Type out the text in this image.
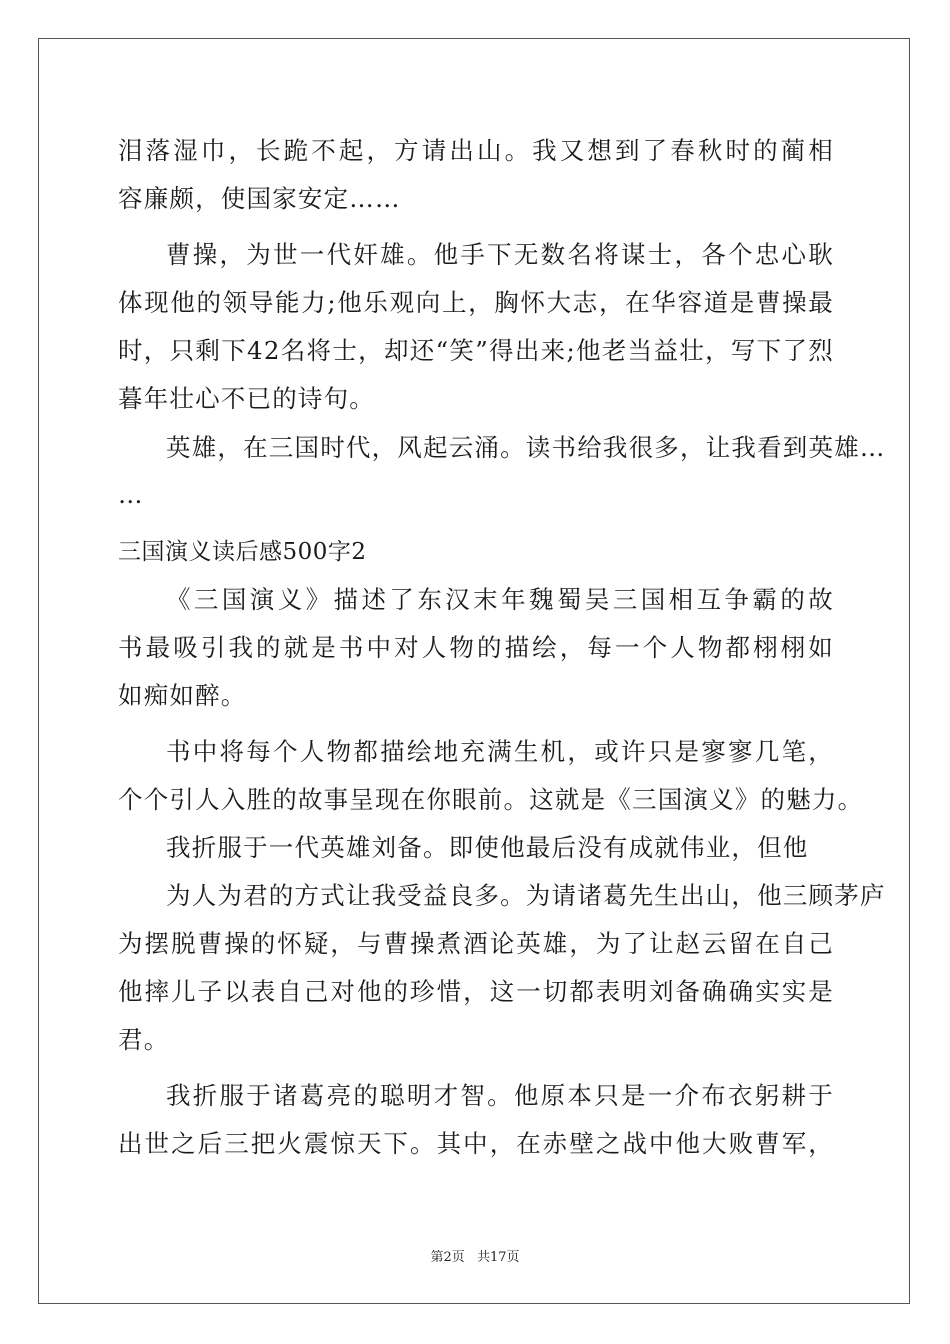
泪落湿巾，长跪不起，方请出山。我又想到了春秋时的蔺相
容廉颇，使国家安定……
曹操，为世一代奸雄。他手下无数名将谋士，各个忠心耿
体现他的领导能力;他乐观向上，胸怀大志，在华容道是曹操最
时，只剩下42名将士，却还“笑”得出来;他老当益壮，写下了烈
暮年壮心不已的诗句。
英雄，在三国时代，风起云涌。读书给我很多，让我看到英雄…
…
三国演义读后感500字2
《三国演义》描述了东汉末年魏蜀吴三国相互争霸的故
书最吸引我的就是书中对人物的描绘，每一个人物都栩栩如
如痴如醉。
书中将每个人物都描绘地充满生机，或许只是寥寥几笔，
个个引人入胜的故事呈现在你眼前。这就是《三国演义》的魅力。
我折服于一代英雄刘备。即使他最后没有成就伟业，但他
为人为君的方式让我受益良多。为请诸葛先生出山，他三顾茅庐
为摆脱曹操的怀疑，与曹操煮酒论英雄，为了让赵云留在自己
他摔儿子以表自己对他的珍惜，这一切都表明刘备确确实实是
君。
我折服于诸葛亮的聪明才智。他原本只是一介布衣躬耕于
出世之后三把火震惊天下。其中，在赤壁之战中他大败曹军，
第2页 共17页
